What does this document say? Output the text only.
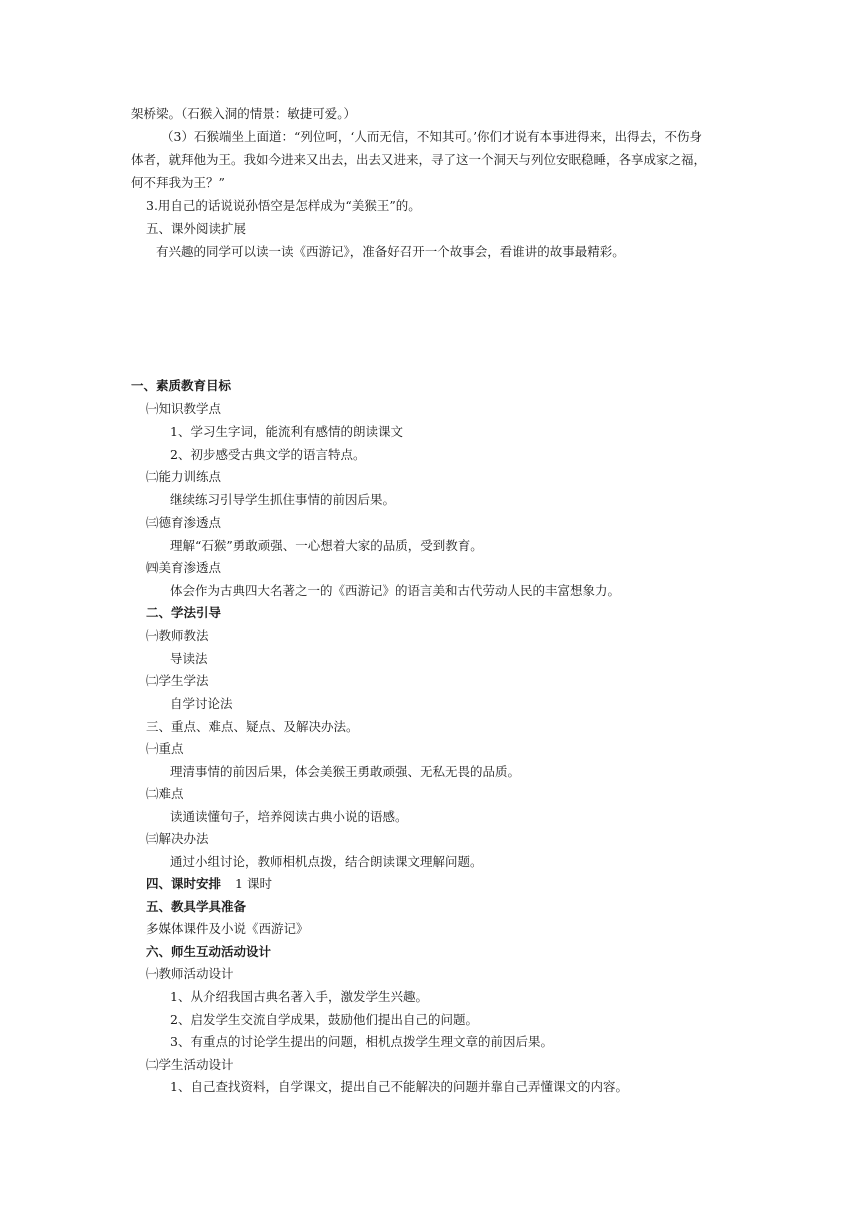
架桥梁。（石猴入洞的情景：敏捷可爱。）
（3）石猴端坐上面道：“列位呵，‘人而无信，不知其可。’你们才说有本事进得来，出得去，不伤身
体者，就拜他为王。我如今进来又出去，出去又进来，寻了这一个洞天与列位安眠稳睡，各享成家之福，
何不拜我为王？”
3.用自己的话说说孙悟空是怎样成为“美猴王”的。
五、课外阅读扩展
有兴趣的同学可以读一读《西游记》，准备好召开一个故事会，看谁讲的故事最精彩。
一、素质教育目标
㈠知识教学点
1、学习生字词，能流利有感情的朗读课文
2、初步感受古典文学的语言特点。
㈡能力训练点
继续练习引导学生抓住事情的前因后果。
㈢德育渗透点
理解“石猴”勇敢顽强、一心想着大家的品质，受到教育。
㈣美育渗透点
体会作为古典四大名著之一的《西游记》的语言美和古代劳动人民的丰富想象力。
二、学法引导
㈠教师教法
导读法
㈡学生学法
自学讨论法
三、重点、难点、疑点、及解决办法。
㈠重点
理清事情的前因后果，体会美猴王勇敢顽强、无私无畏的品质。
㈡难点
读通读懂句子，培养阅读古典小说的语感。
㈢解决办法
通过小组讨论，教师相机点拨，结合朗读课文理解问题。
四、课时安排 1 课时
五、教具学具准备
多媒体课件及小说《西游记》
六、师生互动活动设计
㈠教师活动设计
1、从介绍我国古典名著入手，激发学生兴趣。
2、启发学生交流自学成果，鼓励他们提出自己的问题。
3、有重点的讨论学生提出的问题，相机点拨学生理文章的前因后果。
㈡学生活动设计
1、自己查找资料，自学课文，提出自己不能解决的问题并靠自己弄懂课文的内容。
